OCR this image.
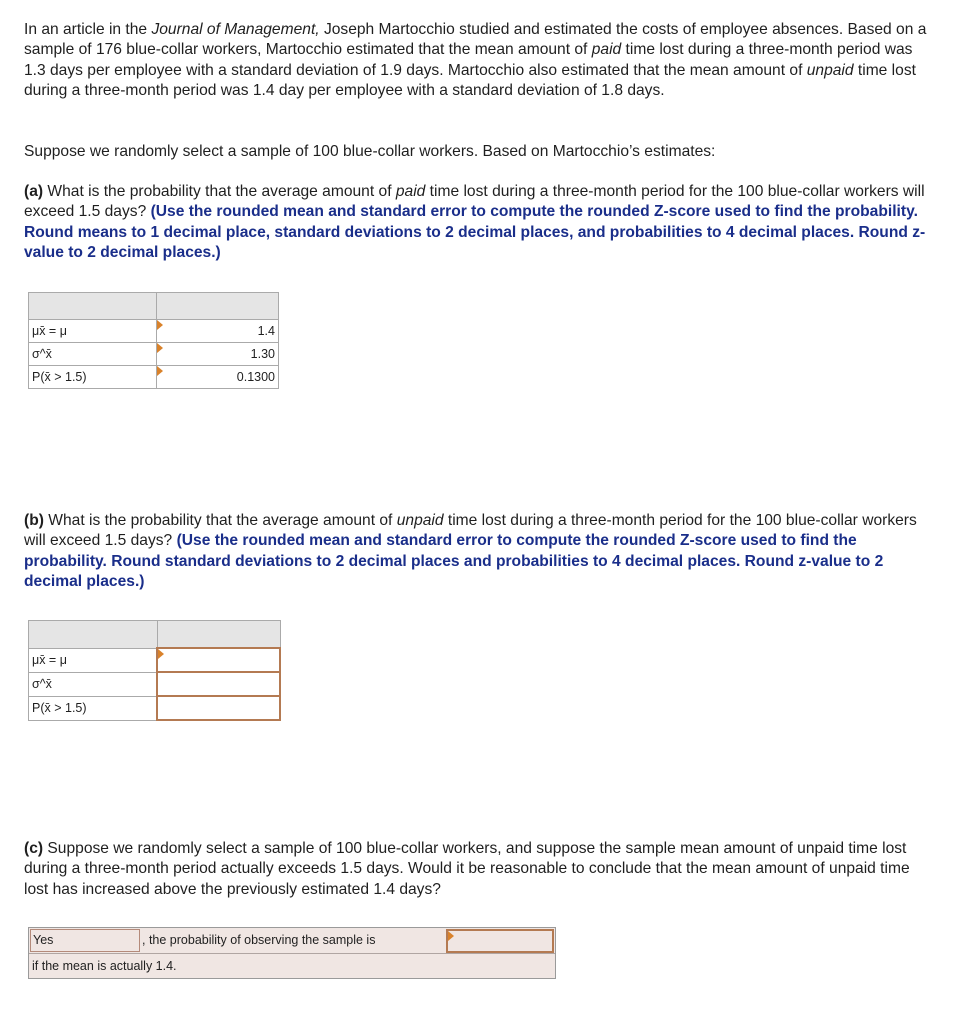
In an article in the Journal of Management, Joseph Martocchio studied and estimated the costs of employee absences. Based on a sample of 176 blue-collar workers, Martocchio estimated that the mean amount of paid time lost during a three-month period was 1.3 days per employee with a standard deviation of 1.9 days. Martocchio also estimated that the mean amount of unpaid time lost during a three-month period was 1.4 day per employee with a standard deviation of 1.8 days.

Suppose we randomly select a sample of 100 blue-collar workers. Based on Martocchio’s estimates:

(a) What is the probability that the average amount of paid time lost during a three-month period for the 100 blue-collar workers will exceed 1.5 days? (Use the rounded mean and standard error to compute the rounded Z-score used to find the probability. Round means to 1 decimal place, standard deviations to 2 decimal places, and probabilities to 4 decimal places. Round z-value to 2 decimal places.)

μx̄ = μ	1.4
σ^x̄	1.30
P(x̄ > 1.5)	0.1300

(b) What is the probability that the average amount of unpaid time lost during a three-month period for the 100 blue-collar workers will exceed 1.5 days? (Use the rounded mean and standard error to compute the rounded Z-score used to find the probability. Round standard deviations to 2 decimal places and probabilities to 4 decimal places. Round z-value to 2 decimal places.)

μx̄ = μ	

σ^x̄	
P(x̄ > 1.5)	

(c) Suppose we randomly select a sample of 100 blue-collar workers, and suppose the sample mean amount of unpaid time lost during a three-month period actually exceeds 1.5 days. Would it be reasonable to conclude that the mean amount of unpaid time lost has increased above the previously estimated 1.4 days?

Yes	, the probability of observing the sample is
if the mean is actually 1.4.
